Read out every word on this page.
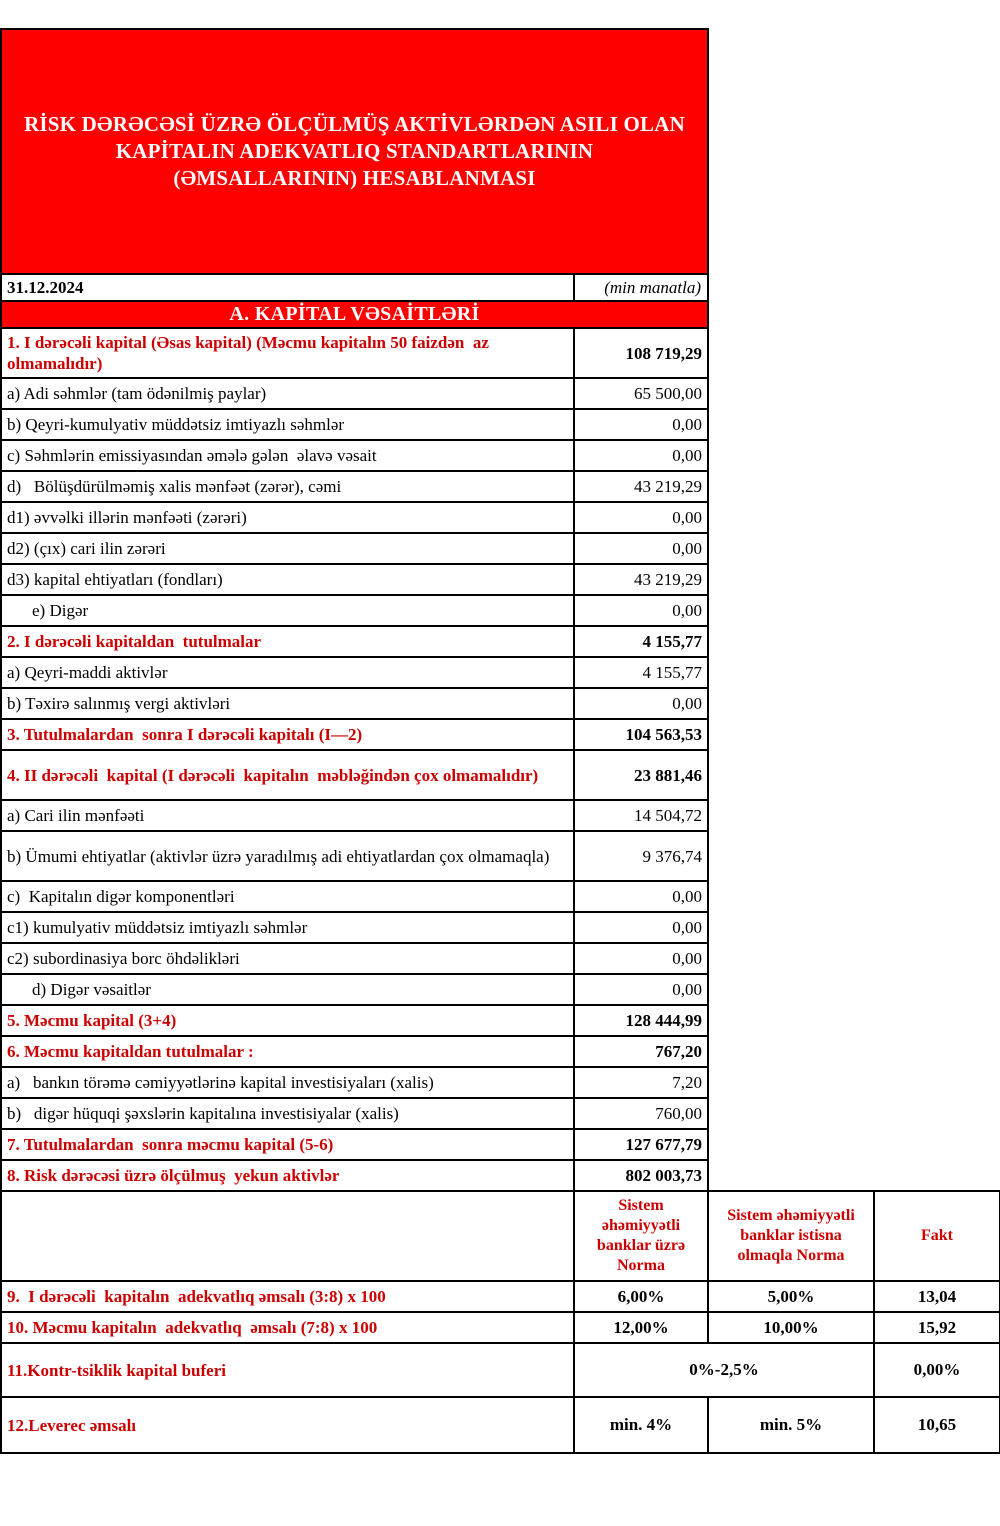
RİSK DƏRƏCƏSİ ÜZRƏ ÖLÇÜLMÜŞ AKTİVLƏRDƏN ASILI OLAN
KAPİTALIN ADEKVATLIQ STANDARTLARININ
(ƏMSALLARININ) HESABLANMASI	

31.12.2024	(min manatla)
A. KAPİTAL VƏSAİTLƏRİ	
1. I dərəcəli kapital (Əsas kapital) (Məcmu kapitalın 50 faizdən  az olmamalıdır)	108 719,29
a) Adi səhmlər (tam ödənilmiş paylar)	65 500,00
b) Qeyri-kumulyativ müddətsiz imtiyazlı səhmlər	0,00
c) Səhmlərin emissiyasından əmələ gələn  əlavə vəsait	0,00
d)   Bölüşdürülməmiş xalis mənfəət (zərər), cəmi	43 219,29
d1) əvvəlki illərin mənfəəti (zərəri)	0,00
d2) (çıx) cari ilin zərəri	0,00
d3) kapital ehtiyatları (fondları)	43 219,29
e) Digər	0,00
2. I dərəcəli kapitaldan  tutulmalar	4 155,77
a) Qeyri-maddi aktivlər	4 155,77
b) Təxirə salınmış vergi aktivləri	0,00
3. Tutulmalardan  sonra I dərəcəli kapitalı (I—2)	104 563,53
4. II dərəcəli  kapital (I dərəcəli  kapitalın  məbləğindən çox olmamalıdır)	23 881,46
a) Cari ilin mənfəəti	14 504,72
b) Ümumi ehtiyatlar (aktivlər üzrə yaradılmış adi ehtiyatlardan çox olmamaqla)	9 376,74
c)  Kapitalın digər komponentləri	0,00
c1) kumulyativ müddətsiz imtiyazlı səhmlər	0,00
c2) subordinasiya borc öhdəlikləri	0,00
d) Digər vəsaitlər	0,00
5. Məcmu kapital (3+4)	128 444,99
6. Məcmu kapitaldan tutulmalar :	767,20
a)   bankın törəmə cəmiyyətlərinə kapital investisiyaları (xalis)	7,20
b)   digər hüquqi şəxslərin kapitalına investisiyalar (xalis)	760,00
7. Tutulmalardan  sonra məcmu kapital (5-6)	127 677,79
8. Risk dərəcəsi üzrə ölçülmuş  yekun aktivlər	802 003,73
	Sistem əhəmiyyətli banklar üzrə Norma	Sistem əhəmiyyətli banklar istisna olmaqla Norma	Fakt
9.  I dərəcəli  kapitalın  adekvatlıq əmsalı (3:8) x 100	6,00%	5,00%	13,04
10. Məcmu kapitalın  adekvatlıq  əmsalı (7:8) x 100	12,00%	10,00%	15,92
11.Kontr-tsiklik kapital buferi	0%-2,5%		0,00%
12.Leverec əmsalı	min. 4%	min. 5%	10,65
